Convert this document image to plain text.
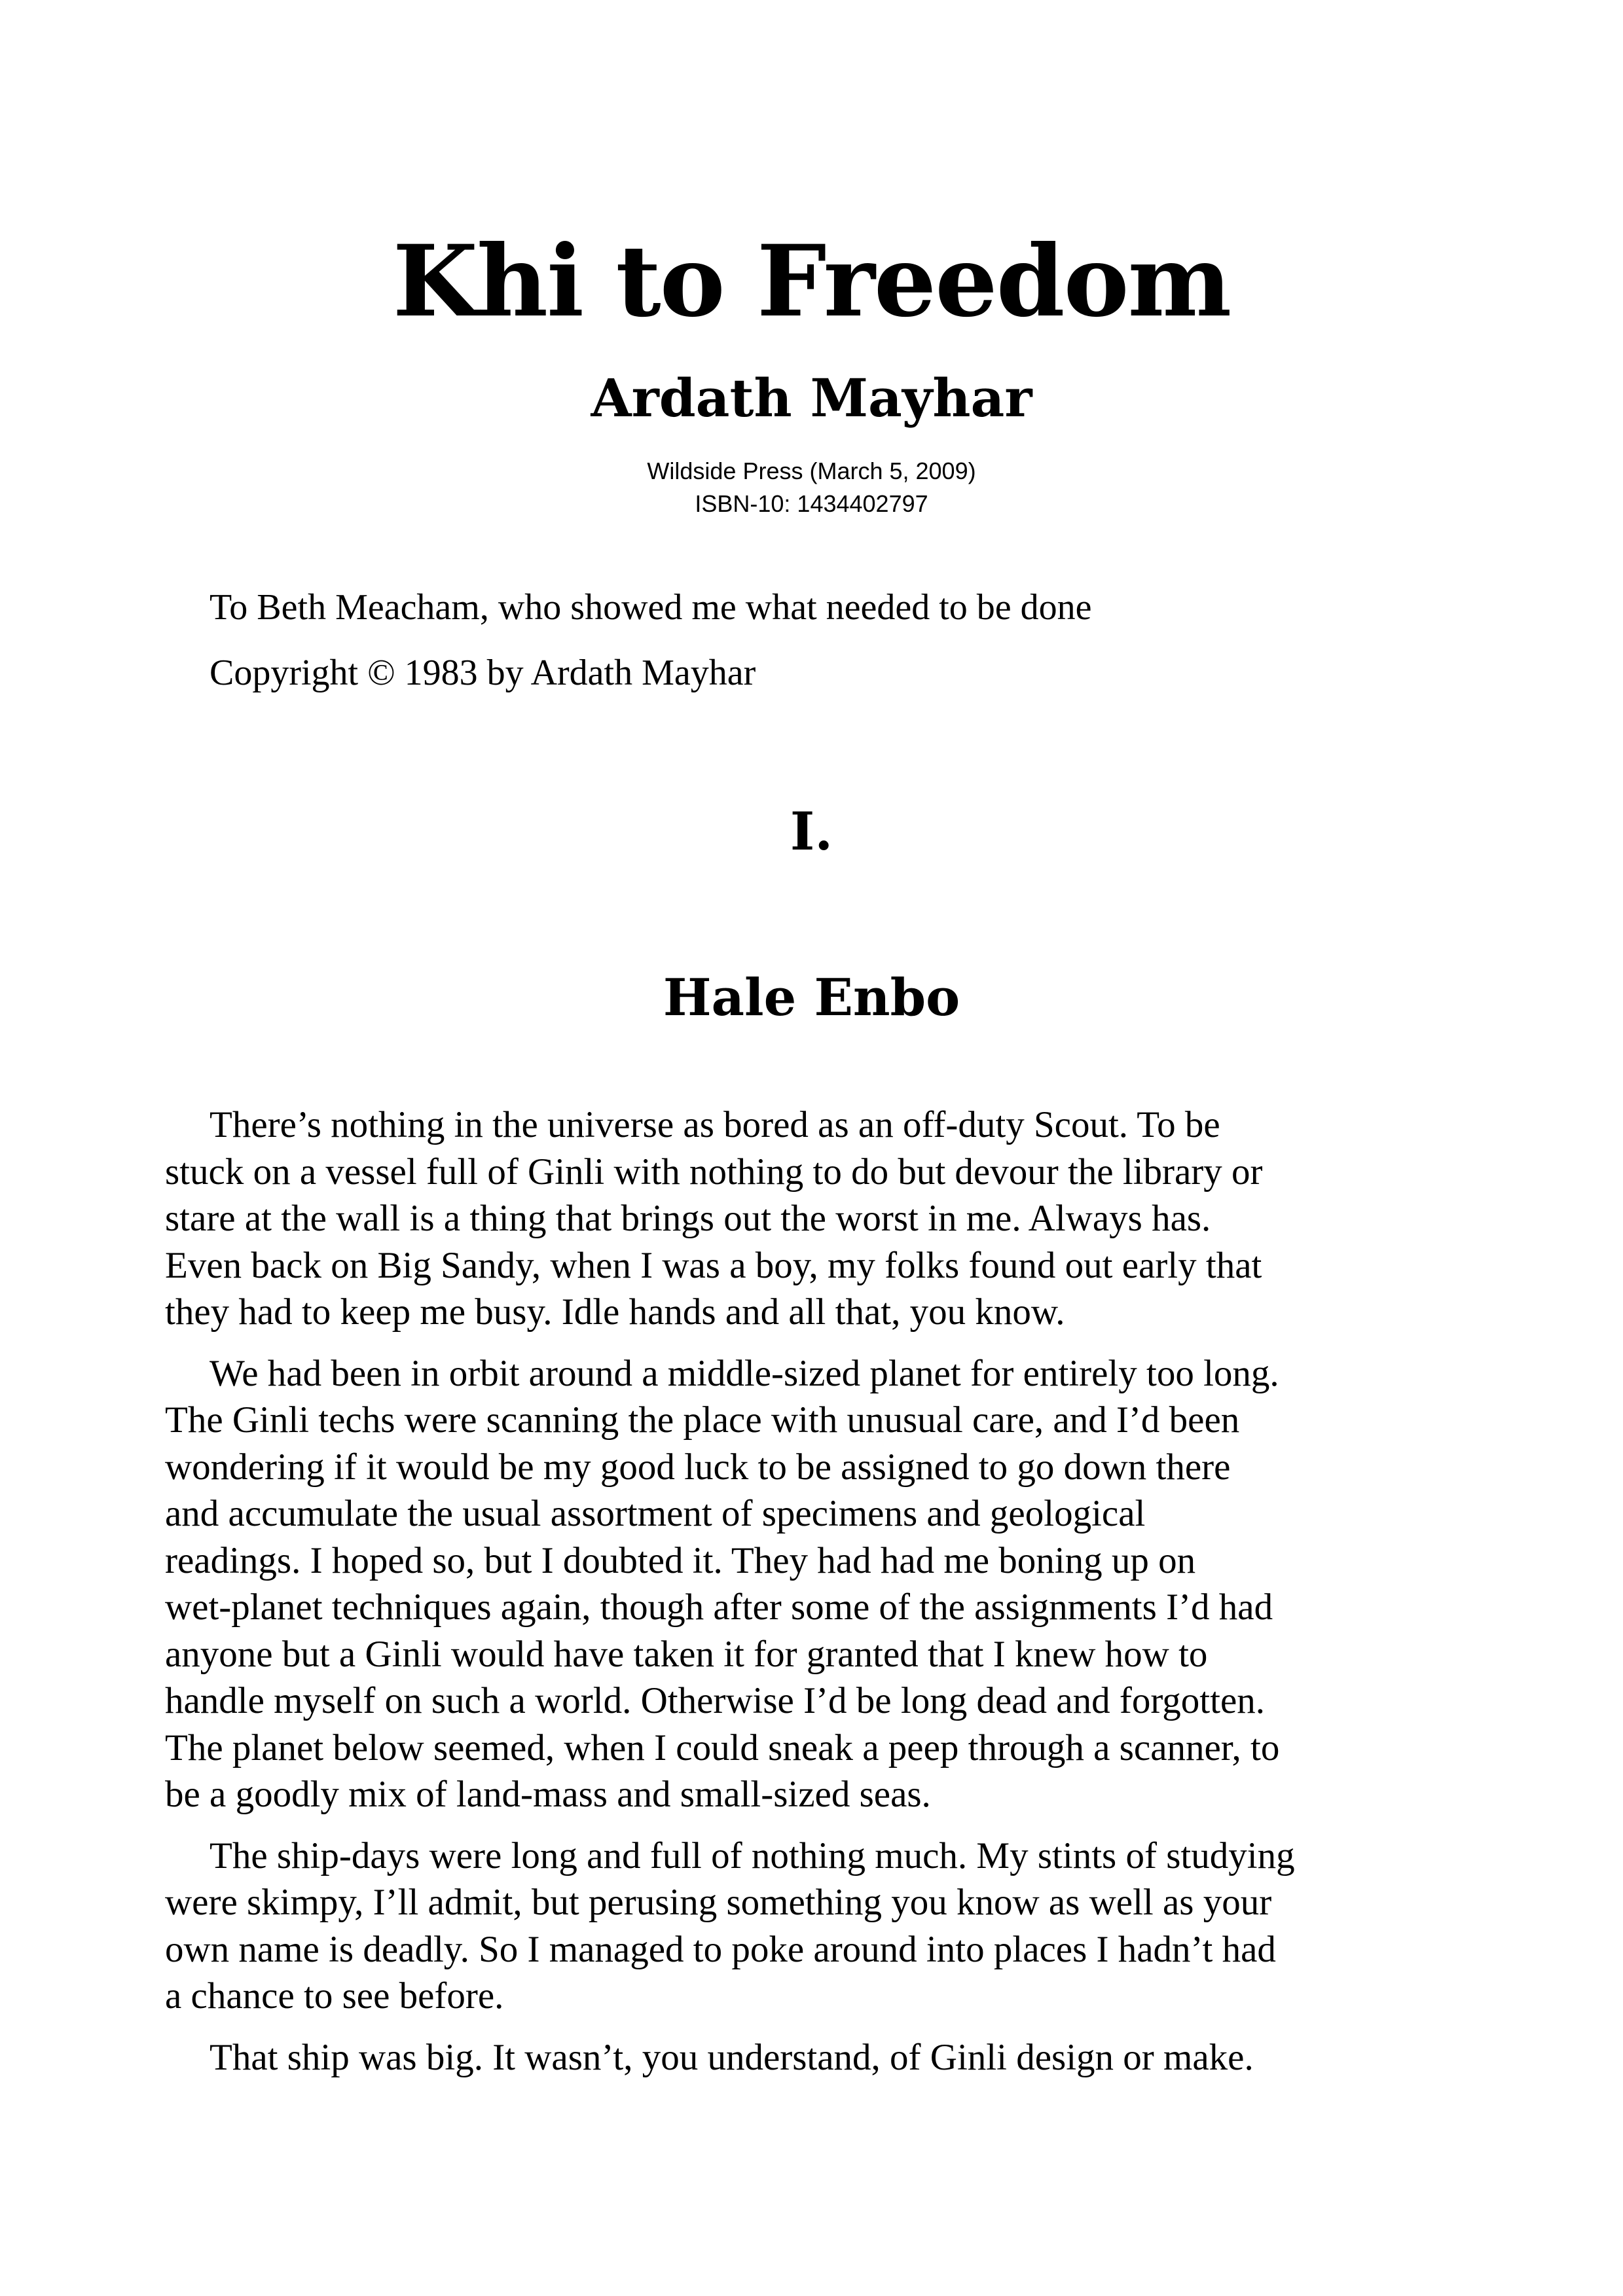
Khi to Freedom
Ardath Mayhar
Wildside Press (March 5, 2009)
ISBN-10: 1434402797

To Beth Meacham, who showed me what needed to be done

Copyright © 1983 by Ardath Mayhar

I.
Hale Enbo

There’s nothing in the universe as bored as an off-duty Scout. To be
stuck on a vessel full of Ginli with nothing to do but devour the library or
stare at the wall is a thing that brings out the worst in me. Always has.
Even back on Big Sandy, when I was a boy, my folks found out early that
they had to keep me busy. Idle hands and all that, you know.

We had been in orbit around a middle-sized planet for entirely too long.
The Ginli techs were scanning the place with unusual care, and I’d been
wondering if it would be my good luck to be assigned to go down there
and accumulate the usual assortment of specimens and geological
readings. I hoped so, but I doubted it. They had had me boning up on
wet-planet techniques again, though after some of the assignments I’d had
anyone but a Ginli would have taken it for granted that I knew how to
handle myself on such a world. Otherwise I’d be long dead and forgotten.
The planet below seemed, when I could sneak a peep through a scanner, to
be a goodly mix of land-mass and small-sized seas.

The ship-days were long and full of nothing much. My stints of studying
were skimpy, I’ll admit, but perusing something you know as well as your
own name is deadly. So I managed to poke around into places I hadn’t had
a chance to see before.

That ship was big. It wasn’t, you understand, of Ginli design or make.
